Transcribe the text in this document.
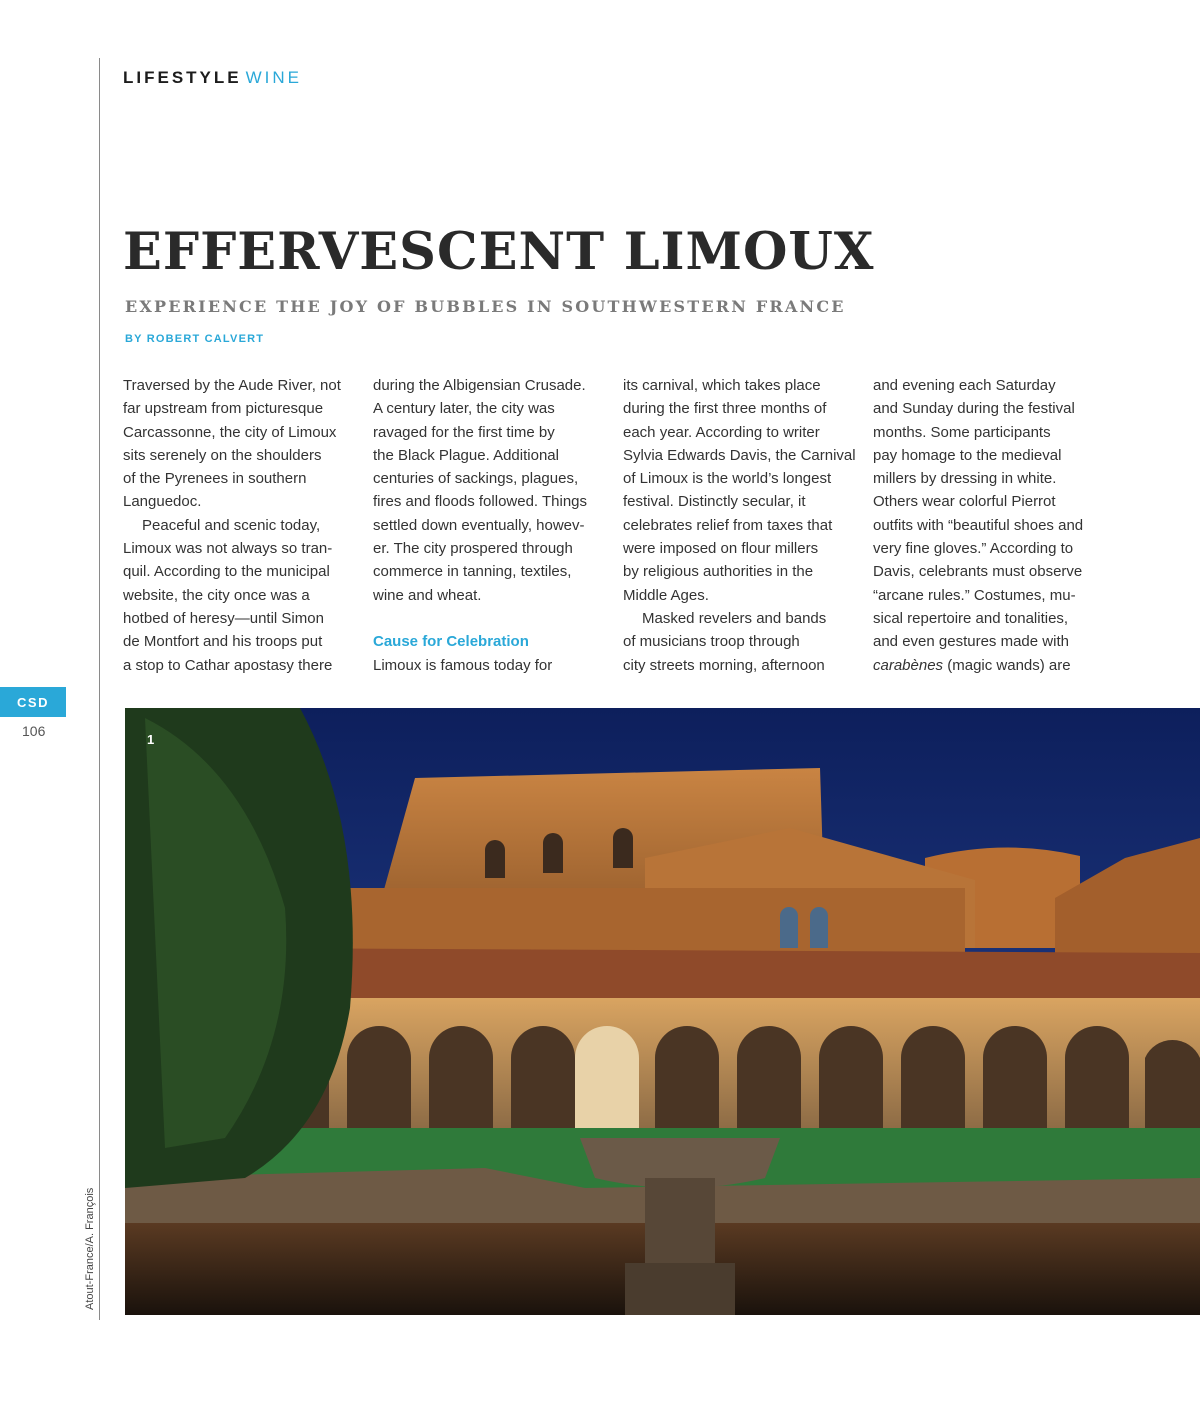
LIFESTYLE WINE
EFFERVESCENT LIMOUX
EXPERIENCE THE JOY OF BUBBLES IN SOUTHWESTERN FRANCE
BY ROBERT CALVERT

Traversed by the Aude River, not

far upstream from picturesque

Carcassonne, the city of Limoux

sits serenely on the shoulders

of the Pyrenees in southern

Languedoc.

Peaceful and scenic today,

Limoux was not always so tran-

quil. According to the municipal

website, the city once was a

hotbed of heresy—until Simon

de Montfort and his troops put

a stop to Cathar apostasy there

during the Albigensian Crusade.

A century later, the city was

ravaged for the first time by

the Black Plague. Additional

centuries of sackings, plagues,

fires and floods followed. Things

settled down eventually, howev-

er. The city prospered through

commerce in tanning, textiles,

wine and wheat.

Cause for Celebration

Limoux is famous today for

its carnival, which takes place

during the first three months of

each year. According to writer

Sylvia Edwards Davis, the Carnival

of Limoux is the world’s longest

festival. Distinctly secular, it

celebrates relief from taxes that

were imposed on flour millers

by religious authorities in the

Middle Ages.

Masked revelers and bands

of musicians troop through

city streets morning, afternoon

and evening each Saturday

and Sunday during the festival

months. Some participants

pay homage to the medieval

millers by dressing in white.

Others wear colorful Pierrot

outfits with “beautiful shoes and

very fine gloves.” According to

Davis, celebrants must observe

“arcane rules.” Costumes, mu-

sical repertoire and tonalities,

and even gestures made with

carabènes (magic wands) are

CSD
106
Atout-France/A. François
1
